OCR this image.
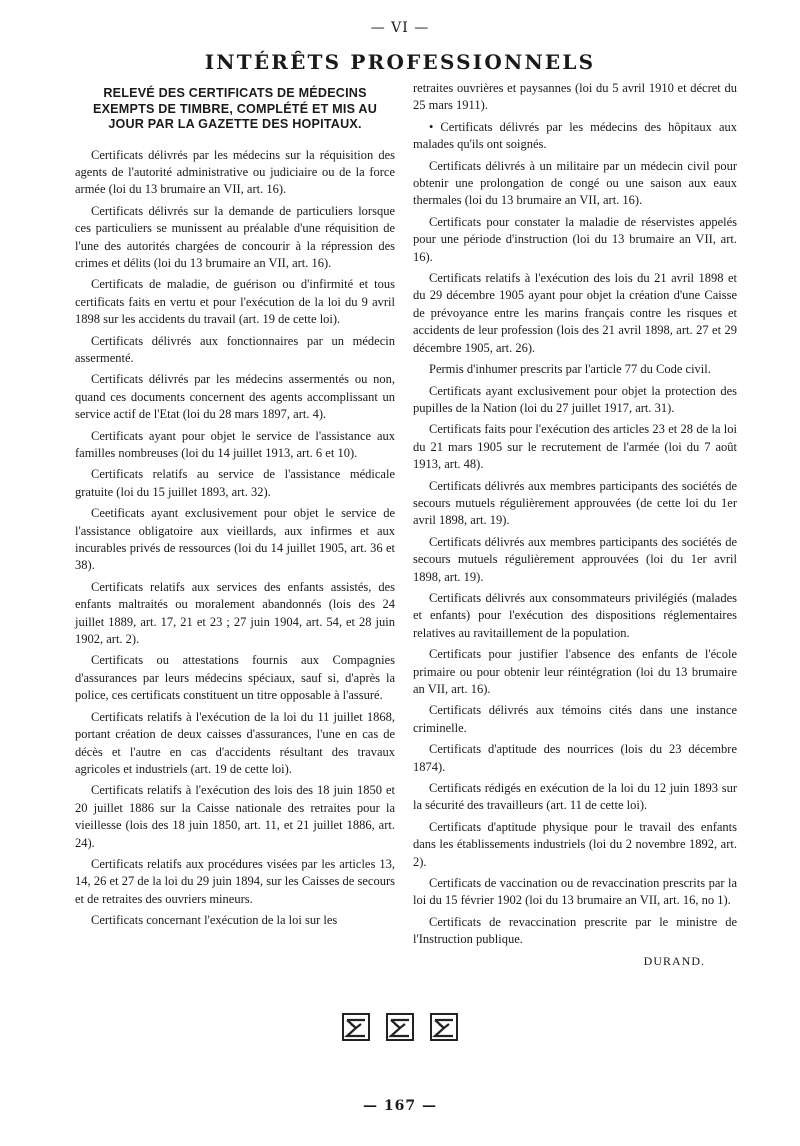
— VI —
INTÉRÊTS PROFESSIONNELS
RELEVÉ DES CERTIFICATS DE MÉDECINS EXEMPTS DE TIMBRE, COMPLÉTÉ ET MIS AU JOUR PAR LA GAZETTE DES HOPITAUX.

Certificats délivrés par les médecins sur la réquisition des agents de l'autorité administrative ou judiciaire ou de la force armée (loi du 13 brumaire an VII, art. 16).

Certificats délivrés sur la demande de particuliers lorsque ces particuliers se munissent au préalable d'une réquisition de l'une des autorités chargées de concourir à la répression des crimes et délits (loi du 13 brumaire an VII, art. 16).

Certificats de maladie, de guérison ou d'infirmité et tous certificats faits en vertu et pour l'exécution de la loi du 9 avril 1898 sur les accidents du travail (art. 19 de cette loi).

Certificats délivrés aux fonctionnaires par un médecin assermenté.

Certificats délivrés par les médecins assermentés ou non, quand ces documents concernent des agents accomplissant un service actif de l'Etat (loi du 28 mars 1897, art. 4).

Certificats ayant pour objet le service de l'assistance aux familles nombreuses (loi du 14 juillet 1913, art. 6 et 10).

Certificats relatifs au service de l'assistance médicale gratuite (loi du 15 juillet 1893, art. 32).

Ceetificats ayant exclusivement pour objet le service de l'assistance obligatoire aux vieillards, aux infirmes et aux incurables privés de ressources (loi du 14 juillet 1905, art. 36 et 38).

Certificats relatifs aux services des enfants assistés, des enfants maltraités ou moralement abandonnés (lois des 24 juillet 1889, art. 17, 21 et 23 ; 27 juin 1904, art. 54, et 28 juin 1902, art. 2).

Certificats ou attestations fournis aux Compagnies d'assurances par leurs médecins spéciaux, sauf si, d'après la police, ces certificats constituent un titre opposable à l'assuré.

Certificats relatifs à l'exécution de la loi du 11 juillet 1868, portant création de deux caisses d'assurances, l'une en cas de décès et l'autre en cas d'accidents résultant des travaux agricoles et industriels (art. 19 de cette loi).

Certificats relatifs à l'exécution des lois des 18 juin 1850 et 20 juillet 1886 sur la Caisse nationale des retraites pour la vieillesse (lois des 18 juin 1850, art. 11, et 21 juillet 1886, art. 24).

Certificats relatifs aux procédures visées par les articles 13, 14, 26 et 27 de la loi du 29 juin 1894, sur les Caisses de secours et de retraites des ouvriers mineurs.

Certificats concernant l'exécution de la loi sur les

retraites ouvrières et paysannes (loi du 5 avril 1910 et décret du 25 mars 1911).

• Certificats délivrés par les médecins des hôpitaux aux malades qu'ils ont soignés.

Certificats délivrés à un militaire par un médecin civil pour obtenir une prolongation de congé ou une saison aux eaux thermales (loi du 13 brumaire an VII, art. 16).

Certificats pour constater la maladie de réservistes appelés pour une période d'instruction (loi du 13 brumaire an VII, art. 16).

Certificats relatifs à l'exécution des lois du 21 avril 1898 et du 29 décembre 1905 ayant pour objet la création d'une Caisse de prévoyance entre les marins français contre les risques et accidents de leur profession (lois des 21 avril 1898, art. 27 et 29 décembre 1905, art. 26).

Permis d'inhumer prescrits par l'article 77 du Code civil.

Certificats ayant exclusivement pour objet la protection des pupilles de la Nation (loi du 27 juillet 1917, art. 31).

Certificats faits pour l'exécution des articles 23 et 28 de la loi du 21 mars 1905 sur le recrutement de l'armée (loi du 7 août 1913, art. 48).

Certificats délivrés aux membres participants des sociétés de secours mutuels régulièrement approuvées (de cette loi du 1er avril 1898, art. 19).

Certificats délivrés aux membres participants des sociétés de secours mutuels régulièrement approuvées (loi du 1er avril 1898, art. 19).

Certificats délivrés aux consommateurs privilégiés (malades et enfants) pour l'exécution des dispositions réglementaires relatives au ravitaillement de la population.

Certificats pour justifier l'absence des enfants de l'école primaire ou pour obtenir leur réintégration (loi du 13 brumaire an VII, art. 16).

Certificats délivrés aux témoins cités dans une instance criminelle.

Certificats d'aptitude des nourrices (lois du 23 décembre 1874).

Certificats rédigés en exécution de la loi du 12 juin 1893 sur la sécurité des travailleurs (art. 11 de cette loi).

Certificats d'aptitude physique pour le travail des enfants dans les établissements industriels (loi du 2 novembre 1892, art. 2).

Certificats de vaccination ou de revaccination prescrits par la loi du 15 février 1902 (loi du 13 brumaire an VII, art. 16, no 1).

Certificats de revaccination prescrite par le ministre de l'Instruction publique.

DURAND.
— 167 —
